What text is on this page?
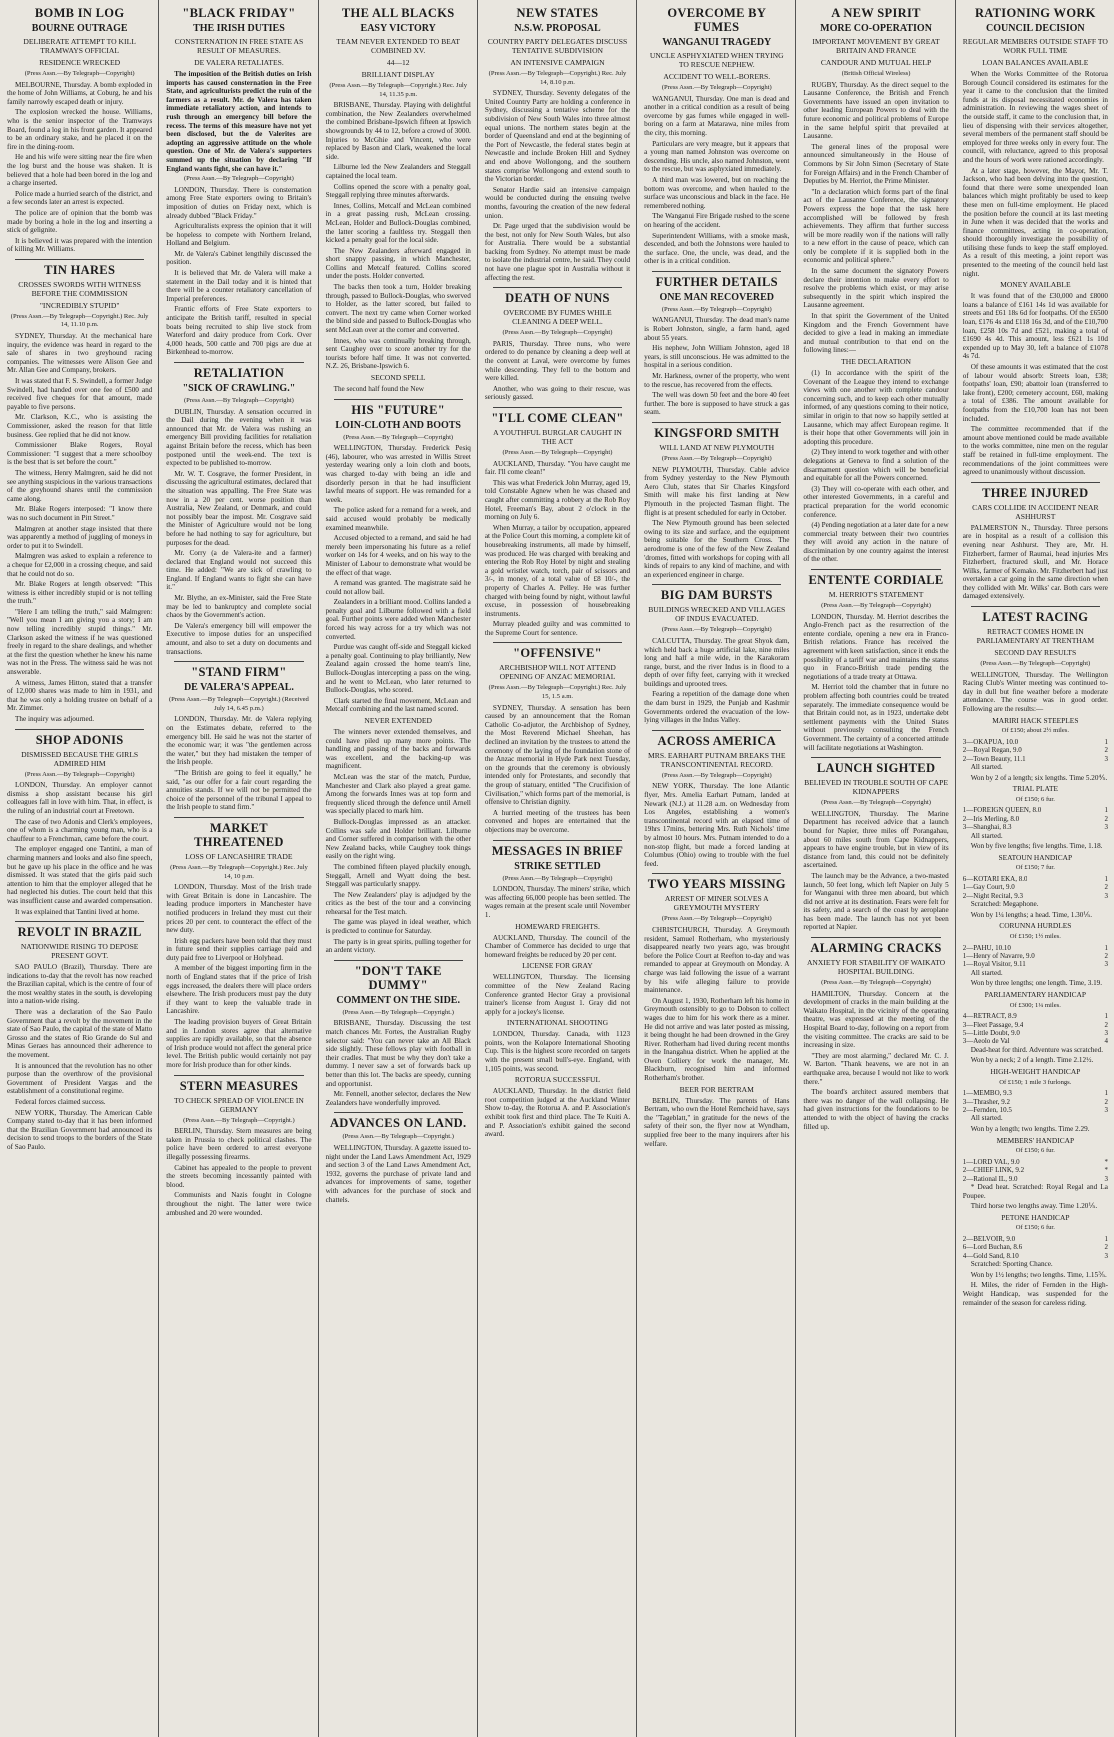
BOMB IN LOG
BOURNE OUTRAGE
DELIBERATE ATTEMPT TO KILL TRAMWAYS OFFICIAL
RESIDENCE WRECKED
(Press Assn.—By Telegraph—Copyright)

MELBOURNE, Thursday. A bomb exploded in the home of John Williams, at Coburg, he and his family narrowly escaped death or injury.

The explosion wrecked the house. Williams, who is the senior inspector of the Tramways Board, found a log in his front garden. It appeared to be an ordinary stake, and he placed it on the fire in the dining-room.

He and his wife were sitting near the fire when the log burst and the house was shaken. It is believed that a hole had been bored in the log and a charge inserted.

Police made a hurried search of the district, and a few seconds later an arrest is expected.

The police are of opinion that the bomb was made by boring a hole in the log and inserting a stick of gelignite.

It is believed it was prepared with the intention of killing Mr. Williams.

TIN HARES
CROSSES SWORDS WITH WITNESS BEFORE THE COMMISSION
"INCREDIBLY STUPID"
(Press Assn.—By Telegraph—Copyright.) Rec. July 14, 11.10 p.m.

SYDNEY, Thursday. At the mechanical hare inquiry, the evidence was heard in regard to the sale of shares in two greyhound racing companies. The witnesses were Alison Gee and Mr. Allan Gee and Company, brokers.

It was stated that F. S. Swindell, a former Judge Swindell, had handed over one fee of £500 and received five cheques for that amount, made payable to five persons.

Mr. Clarkson, K.C., who is assisting the Commissioner, asked the reason for that little business. Gee replied that he did not know.

Commissioner Blake Rogers, Royal Commissioner: "I suggest that a mere schoolboy is the best that is set before the court."

The witness, Henry Malmgren, said he did not see anything suspicious in the various transactions of the greyhound shares until the commission came along.

Mr. Blake Rogers interposed: "I know there was no such document in Pitt Street."

Malmgren at another stage insisted that there was apparently a method of juggling of moneys in order to put it to Swindell.

Malmgren was asked to explain a reference to a cheque for £2,000 in a crossing cheque, and said that he could not do so.

Mr. Blake Rogers at length observed: "This witness is either incredibly stupid or is not telling the truth."

"Here I am telling the truth," said Malmgren: "Well you mean I am giving you a story; I am now telling incredibly stupid things." Mr. Clarkson asked the witness if he was questioned freely in regard to the share dealings, and whether at the first the question whether he knew his name was not in the Press. The witness said he was not answerable.

A witness, James Hitton, stated that a transfer of 12,000 shares was made to him in 1931, and that he was only a holding trustee on behalf of a Mr. Zimmer.

The inquiry was adjourned.

SHOP ADONIS
DISMISSED BECAUSE THE GIRLS ADMIRED HIM
(Press Assn.—By Telegraph—Copyright)

LONDON, Thursday. An employer cannot dismiss a shop assistant because his girl colleagues fall in love with him. That, in effect, is the ruling of an industrial court at Freetown.

The case of two Adonis and Clerk's employees, one of whom is a charming young man, who is a chauffeur to a Frenchman, came before the court.

The employer engaged one Tantini, a man of charming manners and looks and also fine speech, but he gave up his place in the office and he was dismissed. It was stated that the girls paid such attention to him that the employer alleged that he had neglected his duties. The court held that this was insufficient cause and awarded compensation.

It was explained that Tantini lived at home.

REVOLT IN BRAZIL
NATIONWIDE RISING TO DEPOSE PRESENT GOVT.

SAO PAULO (Brazil), Thursday. There are indications to-day that the revolt has now reached the Brazilian capital, which is the centre of four of the most wealthy states in the south, is developing into a nation-wide rising.

There was a declaration of the Sao Paulo Government that a revolt by the movement in the state of Sao Paulo, the capital of the state of Matto Grosso and the states of Rio Grande do Sul and Minas Geraes has announced their adherence to the movement.

It is announced that the revolution has no other purpose than the overthrow of the provisional Government of President Vargas and the establishment of a constitutional regime.

Federal forces claimed success.

NEW YORK, Thursday. The American Cable Company stated to-day that it has been informed that the Brazilian Government had announced its decision to send troops to the borders of the State of Sao Paulo.

"BLACK FRIDAY"
THE IRISH DUTIES
CONSTERNATION IN FREE STATE AS RESULT OF MEASURES.
DE VALERA RETALIATES.

The imposition of the British duties on Irish imports has caused consternation in the Free State, and agriculturists predict the ruin of the farmers as a result. Mr. de Valera has taken immediate retaliatory action, and intends to rush through an emergency bill before the recess. The terms of this measure have not yet been disclosed, but the de Valerites are adopting an aggressive attitude on the whole question. One of Mr. de Valera's supporters summed up the situation by declaring "If England wants fight, she can have it."

(Press Assn.—By Telegraph—Copyright)

LONDON, Thursday. There is consternation among Free State exporters owing to Britain's imposition of duties on Friday next, which is already dubbed "Black Friday."

Agriculturalists express the opinion that it will be hopeless to compete with Northern Ireland, Holland and Belgium.

Mr. de Valera's Cabinet lengthily discussed the position.

It is believed that Mr. de Valera will make a statement in the Dail today and it is hinted that there will be a counter retaliatory cancellation of Imperial preferences.

Frantic efforts of Free State exporters to anticipate the British tariff, resulted in special boats being recruited to ship live stock from Waterford and dairy produce from Cork. Over 4,000 heads, 500 cattle and 700 pigs are due at Birkenhead to-morrow.

RETALIATION
"SICK OF CRAWLING."
(Press Assn.—By Telegraph—Copyright)

DUBLIN, Thursday. A sensation occurred in the Dail during the evening when it was announced that Mr. de Valera was rushing an emergency Bill providing facilities for retaliation against Britain before the recess, which has been postponed until the week-end. The text is expected to be published to-morrow.

Mr. W. T. Cosgrave, the former President, in discussing the agricultural estimates, declared that the situation was appalling. The Free State was now in a 20 per cent. worse position than Australia, New Zealand, or Denmark, and could not possibly bear the impost. Mr. Cosgrave said the Minister of Agriculture would not be long before he had nothing to say for agriculture, but purposes for the dead.

Mr. Corry (a de Valera-ite and a farmer) declared that England would not succeed this time. He added: "We are sick of crawling to England. If England wants to fight she can have it."

Mr. Blythe, an ex-Minister, said the Free State may be led to bankruptcy and complete social chaos by the Government's action.

De Valera's emergency bill will empower the Executive to impose duties for an unspecified amount, and also to set a duty on documents and transactions.

"STAND FIRM"
DE VALERA'S APPEAL.
(Press Assn.—By Telegraph—Copyright.) (Received July 14, 6.45 p.m.)

LONDON, Thursday. Mr. de Valera replying on the Estimates debate, referred to the emergency bill. He said he was not the starter of the economic war; it was "the gentlemen across the water," but they had mistaken the temper of the Irish people.

"The British are going to feel it equally," he said, "as our offer for a fair court regarding the annuities stands. If we will not be permitted the choice of the personnel of the tribunal I appeal to the Irish people to stand firm."

MARKET THREATENED
LOSS OF LANCASHIRE TRADE
(Press Assn.—By Telegraph—Copyright.) Rec. July 14, 10 p.m.

LONDON, Thursday. Most of the Irish trade with Great Britain is done in Lancashire. The leading produce importers in Manchester have notified producers in Ireland they must cut their prices 20 per cent. to counteract the effect of the new duty.

Irish egg packers have been told that they must in future send their supplies carriage paid and duty paid free to Liverpool or Holyhead.

A member of the biggest importing firm in the north of England states that if the price of Irish eggs increased, the dealers there will place orders elsewhere. The Irish producers must pay the duty if they want to keep the valuable trade in Lancashire.

The leading provision buyers of Great Britain and in London stores agree that alternative supplies are rapidly available, so that the absence of Irish produce would not affect the general price level. The British public would certainly not pay more for Irish produce than for other kinds.

STERN MEASURES
TO CHECK SPREAD OF VIOLENCE IN GERMANY
(Press Assn.—By Telegraph—Copyright.)

BERLIN, Thursday. Stern measures are being taken in Prussia to check political clashes. The police have been ordered to arrest everyone illegally possessing firearms.

Cabinet has appealed to the people to prevent the streets becoming incessantly painted with blood.

Communists and Nazis fought in Cologne throughout the night. The latter were twice ambushed and 20 were wounded.

THE ALL BLACKS
EASY VICTORY
TEAM NEVER EXTENDED TO BEAT COMBINED XV.
44—12
BRILLIANT DISPLAY
(Press Assn.—By Telegraph—Copyright.) Rec. July 14, 11.35 p.m.

BRISBANE, Thursday. Playing with delightful combination, the New Zealanders overwhelmed the combined Brisbane-Ipswich fifteen at Ipswich showgrounds by 44 to 12, before a crowd of 3000. Injuries to McGhie and Vincent, who were replaced by Bason and Clark, weakened the local side.

Lilburne led the New Zealanders and Steggall captained the local team.

Collins opened the score with a penalty goal, Steggall replying three minutes afterwards.

Innes, Collins, Metcalf and McLean combined in a great passing rush, McLean crossing. McLean, Holder and Bullock-Douglas combined, the latter scoring a faultless try. Steggall then kicked a penalty goal for the local side.

The New Zealanders afterward engaged in short snappy passing, in which Manchester, Collins and Metcalf featured. Collins scored under the posts. Holder converted.

The backs then took a turn, Holder breaking through, passed to Bullock-Douglas, who swerved to Holder, as the latter scored, but failed to convert. The next try came when Corner worked the blind side and passed to Bullock-Douglas who sent McLean over at the corner and converted.

Innes, who was continually breaking through, sent Caughey over to score another try for the tourists before half time. It was not converted. N.Z. 26, Brisbane-Ipswich 6.

SECOND SPELL

The second half found the New

HIS "FUTURE"
LOIN-CLOTH AND BOOTS
(Press Assn.—By Telegraph—Copyright)

WELLINGTON, Thursday. Frederick Pesiq (46), labourer, who was arrested in Willis Street yesterday wearing only a loin cloth and boots, was charged to-day with being an idle and disorderly person in that he had insufficient lawful means of support. He was remanded for a week.

The police asked for a remand for a week, and said accused would probably be medically examined meanwhile.

Accused objected to a remand, and said he had merely been impersonating his future as a relief worker on 14s for 4 weeks, and on his way to the Minister of Labour to demonstrate what would be the effect of that wage.

A remand was granted. The magistrate said he could not allow bail.

Zealanders in a brilliant mood. Collins landed a penalty goal and Lilburne followed with a field goal. Further points were added when Manchester forced his way across for a try which was not converted.

Purdue was caught off-side and Steggall kicked a penalty goal. Continuing to play brilliantly, New Zealand again crossed the home team's line, Bullock-Douglas intercepting a pass on the wing, and he went to McLean, who later returned to Bullock-Douglas, who scored.

Clark started the final movement, McLean and Metcalf combining and the last named scored.

NEVER EXTENDED

The winners never extended themselves, and could have piled up many more points. The handling and passing of the backs and forwards was excellent, and the backing-up was magnificent.

McLean was the star of the match, Purdue, Manchester and Clark also played a great game. Among the forwards Innes was at top form and frequently sliced through the defence until Arnell was specially placed to mark him.

Bullock-Douglas impressed as an attacker. Collins was safe and Holder brilliant. Lilburne and Corner suffered in comparison with the other New Zealand backs, while Caughey took things easily on the right wing.

The combined fifteen played pluckily enough, Steggall, Arnell and Wyatt doing the best. Steggall was particularly snappy.

The New Zealanders' play is adjudged by the critics as the best of the tour and a convincing rehearsal for the Test match.

The game was played in ideal weather, which is predicted to continue for Saturday.

The party is in great spirits, pulling together for an ardent victory.

"DON'T TAKE DUMMY"
COMMENT ON THE SIDE.
(Press Assn.—By Telegraph—Copyright.)

BRISBANE, Thursday. Discussing the test match chances Mr. Fortes, the Australian Rugby selector said: "You can never take an All Black side slightly. These fellows play with football in their cradles. That must be why they don't take a dummy. I never saw a set of forwards back up better than this lot. The backs are speedy, cunning and opportunist.

Mr. Fennell, another selector, declares the New Zealanders have wonderfully improved.

ADVANCES ON LAND.
(Press Assn.—By Telegraph—Copyright.)

WELLINGTON, Thursday. A gazette issued to-night under the Land Laws Amendment Act, 1929 and section 3 of the Land Laws Amendment Act, 1932, governs the purchase of private land and advances for improvements of same, together with advances for the purchase of stock and chattels.

NEW STATES
N.S.W. PROPOSAL
COUNTRY PARTY DELEGATES DISCUSS TENTATIVE SUBDIVISION
AN INTENSIVE CAMPAIGN
(Press Assn.—By Telegraph—Copyright.) Rec. July 14, 8.10 p.m.

SYDNEY, Thursday. Seventy delegates of the United Country Party are holding a conference in Sydney, discussing a tentative scheme for the subdivision of New South Wales into three almost equal unions. The northern states begin at the border of Queensland and end at the beginning of the Port of Newcastle, the federal states begin at Newcastle and include Broken Hill and Sydney and end above Wollongong, and the southern states comprise Wollongong and extend south to the Victorian border.

Senator Hardie said an intensive campaign would be conducted during the ensuing twelve months, favouring the creation of the new federal union.

Dr. Page urged that the subdivision would be the best, not only for New South Wales, but also for Australia. There would be a substantial backing from Sydney. No attempt must be made to isolate the industrial centre, he said. They could not have one plague spot in Australia without it affecting the rest.

DEATH OF NUNS
OVERCOME BY FUMES WHILE CLEANING A DEEP WELL.
(Press Assn.—By Telegraph—Copyright)

PARIS, Thursday. Three nuns, who were ordered to do penance by cleaning a deep well at the convent at Laval, were overcome by fumes while descending. They fell to the bottom and were killed.

Another, who was going to their rescue, was seriously gassed.

"I'LL COME CLEAN"
A YOUTHFUL BURGLAR CAUGHT IN THE ACT
(Press Assn.—By Telegraph—Copyright)

AUCKLAND, Thursday. "You have caught me fair. I'll come clean!"

This was what Frederick John Murray, aged 19, told Constable Agnew when he was chased and caught after committing a robbery at the Rob Roy Hotel, Freeman's Bay, about 2 o'clock in the morning on July 6.

When Murray, a tailor by occupation, appeared at the Police Court this morning, a complete kit of housebreaking instruments, all made by himself, was produced. He was charged with breaking and entering the Rob Roy Hotel by night and stealing a gold wristlet watch, torch, pair of scissors and 3/-, in money, of a total value of £8 10/-, the property of Charles A. Pelley. He was further charged with being found by night, without lawful excuse, in possession of housebreaking instruments.

Murray pleaded guilty and was committed to the Supreme Court for sentence.

"OFFENSIVE"
ARCHBISHOP WILL NOT ATTEND OPENING OF ANZAC MEMORIAL
(Press Assn.—By Telegraph—Copyright.) Rec. July 15, 1.5 a.m.

SYDNEY, Thursday. A sensation has been caused by an announcement that the Roman Catholic Co-adjutor, the Archbishop of Sydney, the Most Reverend Michael Sheehan, has declined an invitation by the trustees to attend the ceremony of the laying of the foundation stone of the Anzac memorial in Hyde Park next Tuesday, on the grounds that the ceremony is obviously intended only for Protestants, and secondly that the group of statuary, entitled "The Crucifixion of Civilisation," which forms part of the memorial, is offensive to Christian dignity.

A hurried meeting of the trustees has been convened and hopes are entertained that the objections may be overcome.

MESSAGES IN BRIEF
STRIKE SETTLED
(Press Assn.—By Telegraph—Copyright)

LONDON, Thursday. The miners' strike, which was affecting 66,000 people has been settled. The wages remain at the present scale until November 1.

HOMEWARD FREIGHTS.

AUCKLAND, Thursday. The council of the Chamber of Commerce has decided to urge that homeward freights be reduced by 20 per cent.

LICENSE FOR GRAY

WELLINGTON, Thursday. The licensing committee of the New Zealand Racing Conference granted Hector Gray a provisional trainer's license from August 1. Gray did not apply for a jockey's license.

INTERNATIONAL SHOOTING

LONDON, Thursday. Canada, with 1123 points, won the Kolapore International Shooting Cup. This is the highest score recorded on targets with the present small bull's-eye. England, with 1,105 points, was second.

ROTORUA SUCCESSFUL

AUCKLAND, Thursday. In the district field root competition judged at the Auckland Winter Show to-day, the Rotorua A. and P. Association's exhibit took first and third place. The Te Kuiti A. and P. Association's exhibit gained the second award.

OVERCOME BY FUMES
WANGANUI TRAGEDY
UNCLE ASPHYXIATED WHEN TRYING TO RESCUE NEPHEW.
ACCIDENT TO WELL-BORERS.
(Press Assn.—By Telegraph—Copyright)

WANGANUI, Thursday. One man is dead and another in a critical condition as a result of being overcome by gas fumes while engaged in well-boring on a farm at Matarawa, nine miles from the city, this morning.

Particulars are very meagre, but it appears that a young man named Johnston was overcome on descending. His uncle, also named Johnston, went to the rescue, but was asphyxiated immediately.

A third man was lowered, but on reaching the bottom was overcome, and when hauled to the surface was unconscious and black in the face. He remembered nothing.

The Wanganui Fire Brigade rushed to the scene on hearing of the accident.

Superintendent Williams, with a smoke mask, descended, and both the Johnstons were hauled to the surface. One, the uncle, was dead, and the other is in a critical condition.

FURTHER DETAILS
ONE MAN RECOVERED
(Press Assn.—By Telegraph—Copyright)

WANGANUI, Thursday. The dead man's name is Robert Johnston, single, a farm hand, aged about 55 years.

His nephew, John William Johnston, aged 18 years, is still unconscious. He was admitted to the hospital in a serious condition.

Mr. Harkness, owner of the property, who went to the rescue, has recovered from the effects.

The well was down 50 feet and the bore 40 feet further. The bore is supposed to have struck a gas seam.

KINGSFORD SMITH
WILL LAND AT NEW PLYMOUTH
(Press Assn.—By Telegraph—Copyright)

NEW PLYMOUTH, Thursday. Cable advice from Sydney yesterday to the New Plymouth Aero Club, states that Sir Charles Kingsford Smith will make his first landing at New Plymouth in the projected Tasman flight. The flight is at present scheduled for early in October.

The New Plymouth ground has been selected owing to its size and surface, and the equipment being suitable for the Southern Cross. The aerodrome is one of the few of the New Zealand 'dromes, fitted with workshops for coping with all kinds of repairs to any kind of machine, and with an experienced engineer in charge.

BIG DAM BURSTS
BUILDINGS WRECKED AND VILLAGES OF INDUS EVACUATED.
(Press Assn.—By Telegraph—Copyright)

CALCUTTA, Thursday. The great Shyok dam, which held back a huge artificial lake, nine miles long and half a mile wide, in the Karakoram range, burst, and the river Indus is in flood to a depth of over fifty feet, carrying with it wrecked buildings and uprooted trees.

Fearing a repetition of the damage done when the dam burst in 1929, the Punjab and Kashmir Governments ordered the evacuation of the low-lying villages in the Indus Valley.

ACROSS AMERICA
MRS. EARHART PUTNAM BREAKS THE TRANSCONTINENTAL RECORD.
(Press Assn.—By Telegraph—Copyright)

NEW YORK, Thursday. The lone Atlantic flyer, Mrs. Amelia Earhart Putnam, landed at Newark (N.J.) at 11.28 a.m. on Wednesday from Los Angeles, establishing a women's transcontinental record with an elapsed time of 19hrs 17mins, bettering Mrs. Ruth Nichols' time by almost 10 hours. Mrs. Putnam intended to do a non-stop flight, but made a forced landing at Columbus (Ohio) owing to trouble with the fuel feed.

TWO YEARS MISSING
ARREST OF MINER SOLVES A GREYMOUTH MYSTERY
(Press Assn.—By Telegraph—Copyright)

CHRISTCHURCH, Thursday. A Greymouth resident, Samuel Rotherham, who mysteriously disappeared nearly two years ago, was brought before the Police Court at Reefton to-day and was remanded to appear at Greymouth on Monday. A charge was laid following the issue of a warrant by his wife alleging failure to provide maintenance.

On August 1, 1930, Rotherham left his home in Greymouth ostensibly to go to Dobson to collect wages due to him for his work there as a miner. He did not arrive and was later posted as missing, it being thought he had been drowned in the Grey River. Rotherham had lived during recent months in the Inangahua district. When he applied at the Owen Colliery for work the manager, Mr. Blackburn, recognised him and informed Rotherham's brother.

BEER FOR BERTRAM

BERLIN, Thursday. The parents of Hans Bertram, who own the Hotel Remcheid have, says the "Tageblatt," in gratitude for the news of the safety of their son, the flyer now at Wyndham, supplied free beer to the many inquirers after his welfare.

A NEW SPIRIT
MORE CO-OPERATION
IMPORTANT MOVEMENT BY GREAT BRITAIN AND FRANCE
CANDOUR AND MUTUAL HELP
(British Official Wireless)

RUGBY, Thursday. As the direct sequel to the Lausanne Conference, the British and French Governments have issued an open invitation to other leading European Powers to deal with the future economic and political problems of Europe in the same helpful spirit that prevailed at Lausanne.

The general lines of the proposal were announced simultaneously in the House of Commons by Sir John Simon (Secretary of State for Foreign Affairs) and in the French Chamber of Deputies by M. Herriot, the Prime Minister.

"In a declaration which forms part of the final act of the Lausanne Conference, the signatory Powers express the hope that the task here accomplished will be followed by fresh achievements. They affirm that further success will be more readily won if the nations will rally to a new effort in the cause of peace, which can only be complete if it is supplied both in the economic and political sphere."

In the same document the signatory Powers declare their intention to make every effort to resolve the problems which exist, or may arise subsequently in the spirit which inspired the Lausanne agreement.

In that spirit the Government of the United Kingdom and the French Government have decided to give a lead in making an immediate and mutual contribution to that end on the following lines:—

THE DECLARATION

(1) In accordance with the spirit of the Covenant of the League they intend to exchange views with one another with complete candour concerning such, and to keep each other mutually informed, of any questions coming to their notice, similar in origin to that now so happily settled at Lausanne, which may affect European regime. It is their hope that other Governments will join in adopting this procedure.

(2) They intend to work together and with other delegations at Geneva to find a solution of the disarmament question which will be beneficial and equitable for all the Powers concerned.

(3) They will co-operate with each other, and other interested Governments, in a careful and practical preparation for the world economic conference.

(4) Pending negotiation at a later date for a new commercial treaty between their two countries they will avoid any action in the nature of discrimination by one country against the interest of the other.

ENTENTE CORDIALE
M. HERRIOT'S STATEMENT
(Press Assn.—By Telegraph—Copyright)

LONDON, Thursday. M. Herriot describes the Anglo-French pact as the resurrection of the entente cordiale, opening a new era in Franco-British relations. France has received the agreement with keen satisfaction, since it ends the possibility of a tariff war and maintains the status quo in Franco-British trade pending the negotiations of a trade treaty at Ottawa.

M. Herriot told the chamber that in future no problem affecting both countries could be treated separately. The immediate consequence would be that Britain could not, as in 1923, undertake debt settlement payments with the United States without previously consulting the French Government. The certainty of a concerted attitude will facilitate negotiations at Washington.

LAUNCH SIGHTED
BELIEVED IN TROUBLE SOUTH OF CAPE KIDNAPPERS
(Press Assn.—By Telegraph—Copyright)

WELLINGTON, Thursday. The Marine Department has received advice that a launch bound for Napier, three miles off Porangahau, about 60 miles south from Cape Kidnappers, appears to have engine trouble, but in view of its distance from land, this could not be definitely ascertained.

The launch may be the Advance, a two-masted launch, 50 feet long, which left Napier on July 5 for Wanganui with three men aboard, but which did not arrive at its destination. Fears were felt for its safety, and a search of the coast by aeroplane has been made. The launch has not yet been reported at Napier.

ALARMING CRACKS
ANXIETY FOR STABILITY OF WAIKATO HOSPITAL BUILDING.
(Press Assn.—By Telegraph—Copyright)

HAMILTON, Thursday. Concern at the development of cracks in the main building at the Waikato Hospital, in the vicinity of the operating theatre, was expressed at the meeting of the Hospital Board to-day, following on a report from the visiting committee. The cracks are said to be increasing in size.

"They are most alarming," declared Mr. C. J. W. Barton. "Thank heavens, we are not in an earthquake area, because I would not like to work there."

The board's architect assured members that there was no danger of the wall collapsing. He had given instructions for the foundations to be attended to with the object of having the cracks filled up.

RATIONING WORK
COUNCIL DECISION
REGULAR MEMBERS OUTSIDE STAFF TO WORK FULL TIME
LOAN BALANCES AVAILABLE

When the Works Committee of the Rotorua Borough Council considered its estimates for the year it came to the conclusion that the limited funds at its disposal necessitated economies in administration. In reviewing the wages sheet of the outside staff, it came to the conclusion that, in lieu of dispensing with their services altogether, several members of the permanent staff should be employed for three weeks only in every four. The council, with reluctance, agreed to this proposal and the hours of work were rationed accordingly.

At a later stage, however, the Mayor, Mr. T. Jackson, who had been delving into the question, found that there were some unexpended loan balances which might profitably be used to keep these men on full-time employment. He placed the position before the council at its last meeting in June when it was decided that the works and finance committees, acting in co-operation, should thoroughly investigate the possibility of utilising these funds to keep the staff employed. As a result of this meeting, a joint report was presented to the meeting of the council held last night.

MONEY AVAILABLE

It was found that of the £30,000 and £8000 loans a balance of £161 14s 1d was available for streets and £61 18s 6d for footpaths. Of the £6500 loan, £176 4s and £118 16s 3d, and of the £10,700 loan, £258 10s 7d and £521, making a total of £1690 4s 4d. This amount, less £621 1s 10d expended up to May 30, left a balance of £1078 4s 7d.

Of these amounts it was estimated that the cost of labour would absorb: Streets loan, £38; footpaths' loan, £90; abattoir loan (transferred to lake front), £200; cemetery account, £60, making a total of £386. The amount available for footpaths from the £10,700 loan has not been included.

The committee recommended that if the amount above mentioned could be made available to the works committee, nine men on the regular staff be retained in full-time employment. The recommendations of the joint committees were agreed to unanimously without discussion.

THREE INJURED
CARS COLLIDE IN ACCIDENT NEAR ASHHURST

PALMERSTON N., Thursday. Three persons are in hospital as a result of a collision this evening near Ashhurst. They are, Mr. H. Fitzherbert, farmer of Raumai, head injuries Mrs Fitzherbert, fractured skull, and Mr. Horace Wilks, farmer of Kemako. Mr. Fitzherbert had just overtaken a car going in the same direction when they collided with Mr. Wilks' car. Both cars were damaged extensively.

LATEST RACING
RETRACT COMES HOME IN PARLIAMENTARY AT TRENTHAM
SECOND DAY RESULTS
(Press Assn.—By Telegraph—Copyright)

WELLINGTON, Thursday. The Wellington Racing Club's Winter meeting was continued to-day in dull but fine weather before a moderate attendance. The course was in good order. Following are the results:—

MARIRI HACK STEEPLES
Of £150; about 2½ miles.
3—OKAPUA, 10.0	1
2—Royal Regan, 9.0	2
2—Town Beauty, 11.1	3

All started.

Won by 2 of a length; six lengths. Time 5.20⅘.

TRIAL PLATE
Of £150; 6 fur.
1—FOREIGN QUEEN, 8.0	1
2—Iris Merling, 8.0	2
3—Shanghai, 8.3	3

All started.

Won by five lengths; five lengths. Time, 1.18.

SEATOUN HANDICAP
Of £150; 7 fur.
6—KOTARI EKA, 8.0	1
1—Gay Court, 9.0	2
2—Night Recital, 9.3	3

Scratched: Megaphone.

Won by 1¼ lengths; a head. Time, 1.30⅕.

CORUNNA HURDLES
Of £150; 1½ miles.
2—PAHU, 10.10	1
1—Henry of Navarre, 9.0	2
1—Royal Visitor, 9.11	3

All started.

Won by three lengths; one length. Time, 3.19.

PARLIAMENTARY HANDICAP
Of £300; 1¼ miles.
4—RETRACT, 8.9	1
3—Fleet Passage, 9.4	2
5—Little Doubt, 9.0	3
3—Aeolo de Val	4

Dead-heat for third. Adventure was scratched.

Won by a neck; 2 of a length. Time 2.12½.

HIGH-WEIGHT HANDICAP
Of £150; 1 mile 3 furlongs.
1—MEMBO, 9.3	1
3—Thrasher, 9.2	2
2—Fernden, 10.5	3

All started.

Won by a length; two lengths. Time 2.29.

MEMBERS' HANDICAP
Of £150; 6 fur.
1—LORD VAL, 9.0	*
2—CHIEF LINK, 9.2	*
2—Rational IL, 9.0	3

* Dead heat. Scratched: Royal Regal and La Poupee.

Third horse two lengths away. Time 1.20⅕.

PETONE HANDICAP
Of £150; 6 fur.
2—BELVOIR, 9.0	1
6—Lord Buchan, 8.6	2
4—Gold Sand, 8.10	3

Scratched: Sporting Chance.

Won by 1½ lengths; two lengths. Time, 1.15⅗.

H. Miles, the rider of Fernden in the High-Weight Handicap, was suspended for the remainder of the season for careless riding.
